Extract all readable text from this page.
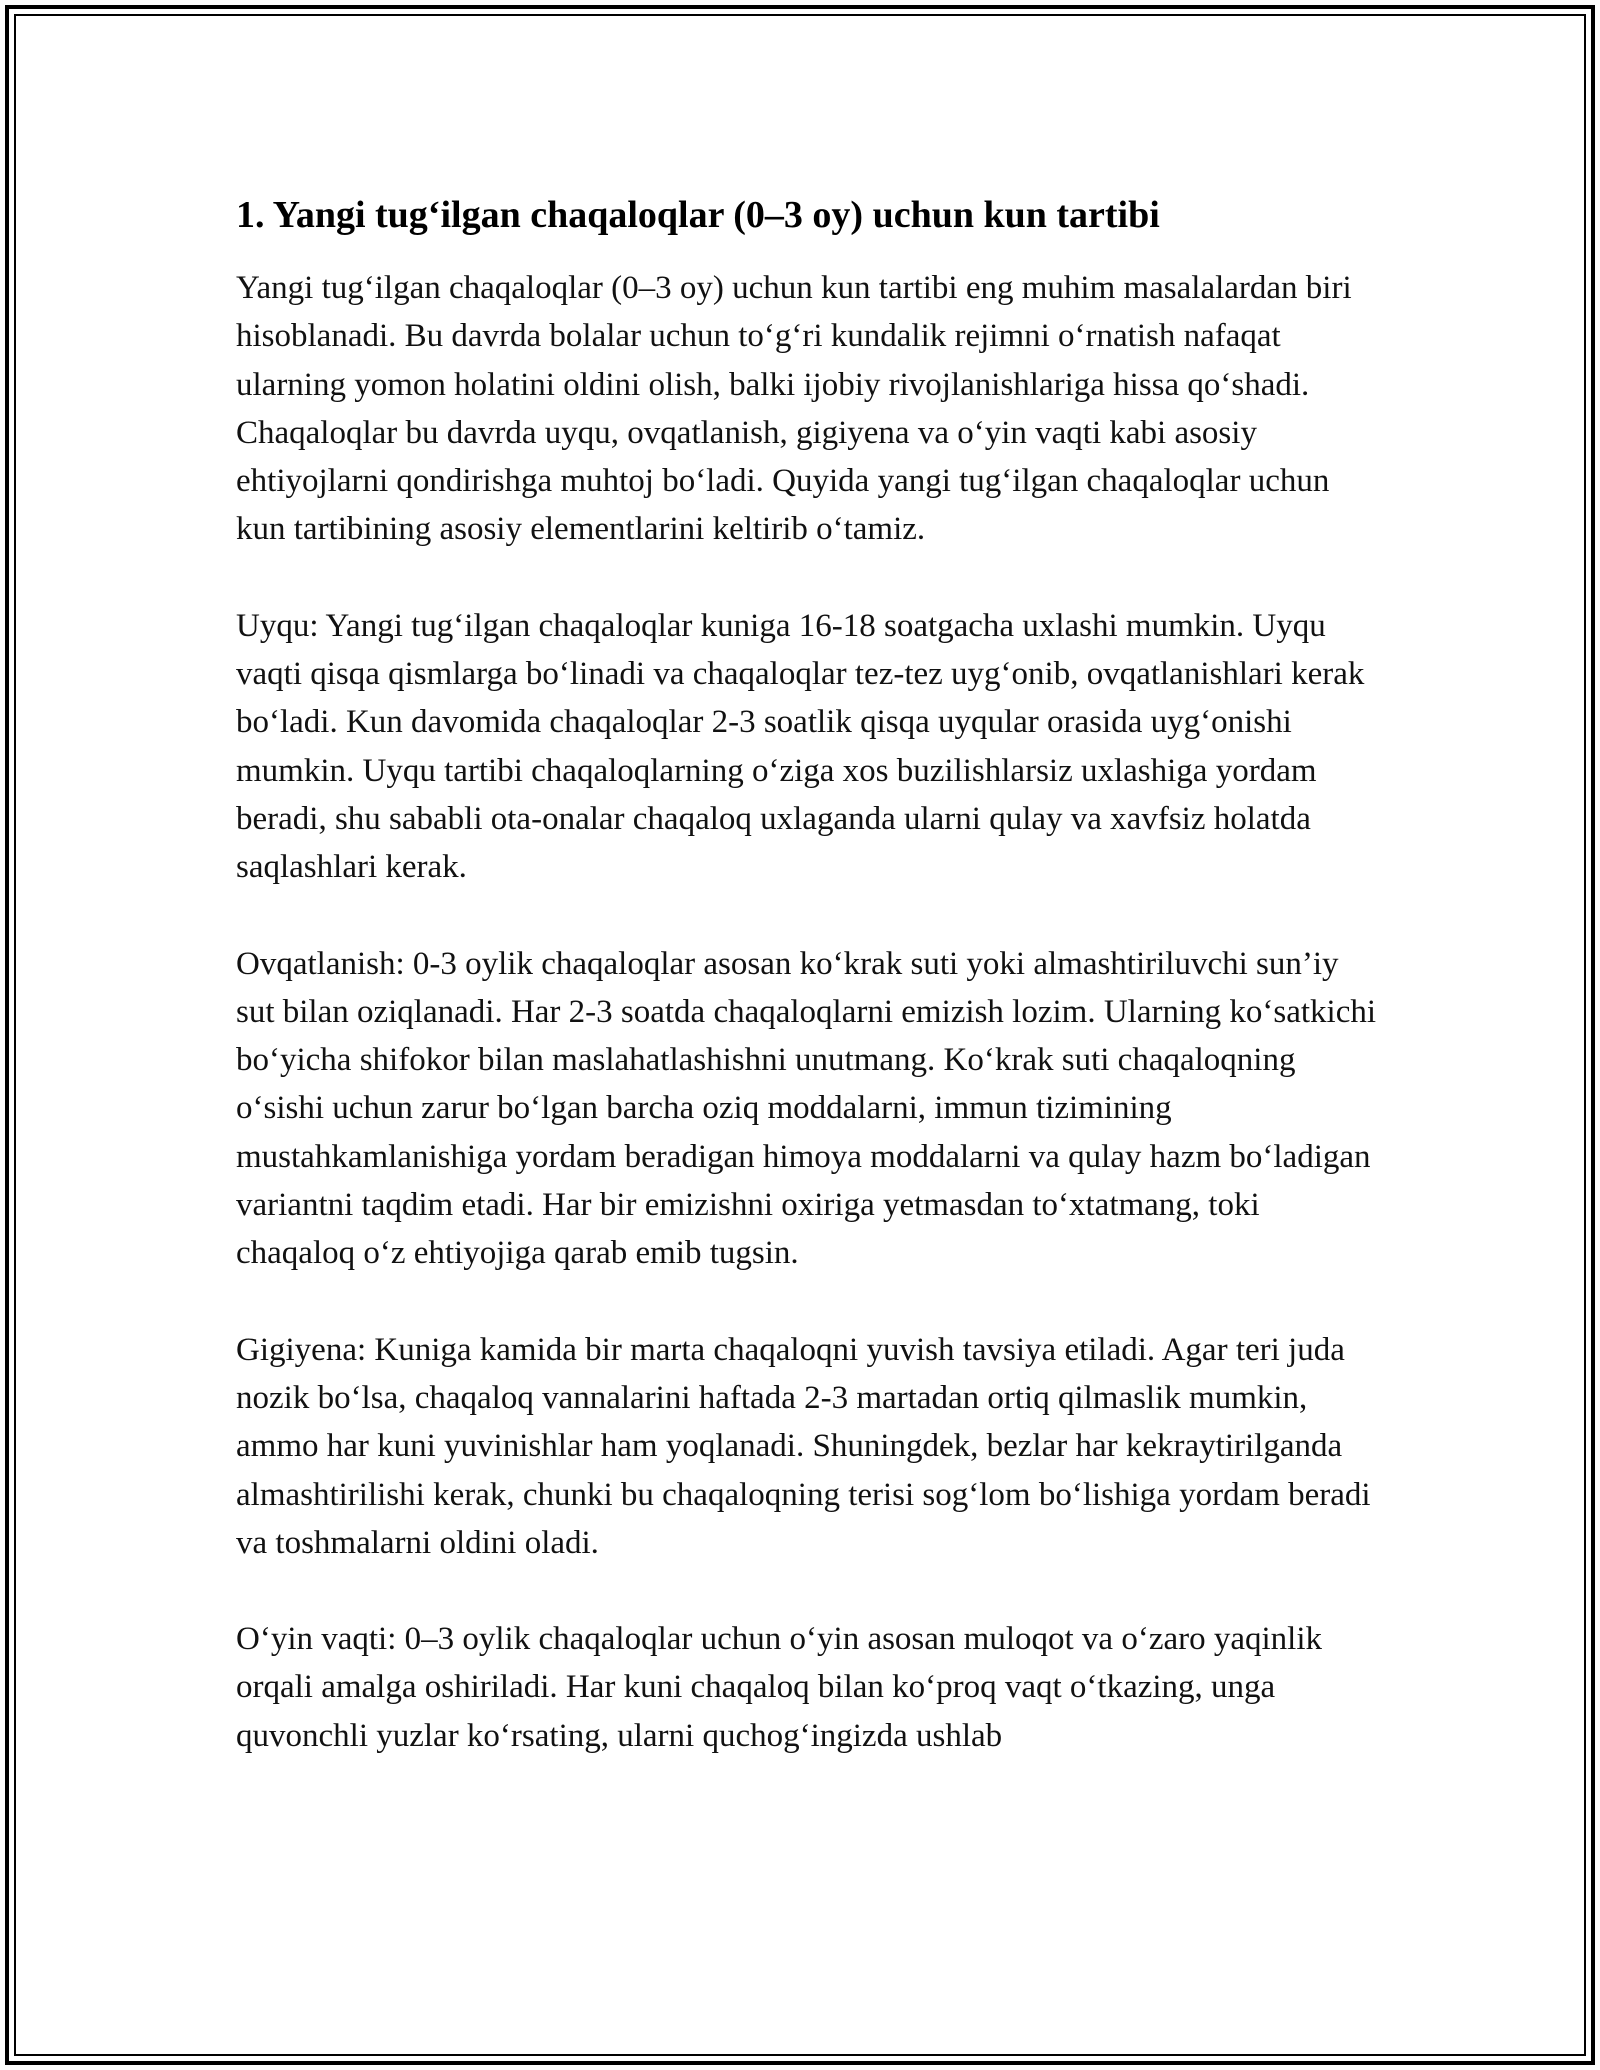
1. Yangi tug‘ilgan chaqaloqlar (0–3 oy) uchun kun tartibi

Yangi tug‘ilgan chaqaloqlar (0–3 oy) uchun kun tartibi eng muhim masalalardan biri hisoblanadi. Bu davrda bolalar uchun to‘g‘ri kundalik rejimni o‘rnatish nafaqat ularning yomon holatini oldini olish, balki ijobiy rivojlanishlariga hissa qo‘shadi. Chaqaloqlar bu davrda uyqu, ovqatlanish, gigiyena va o‘yin vaqti kabi asosiy ehtiyojlarni qondirishga muhtoj bo‘ladi. Quyida yangi tug‘ilgan chaqaloqlar uchun kun tartibining asosiy elementlarini keltirib o‘tamiz.

Uyqu: Yangi tug‘ilgan chaqaloqlar kuniga 16-18 soatgacha uxlashi mumkin. Uyqu vaqti qisqa qismlarga bo‘linadi va chaqaloqlar tez-tez uyg‘onib, ovqatlanishlari kerak bo‘ladi. Kun davomida chaqaloqlar 2-3 soatlik qisqa uyqular orasida uyg‘onishi mumkin. Uyqu tartibi chaqaloqlarning o‘ziga xos buzilishlarsiz uxlashiga yordam beradi, shu sababli ota-onalar chaqaloq uxlaganda ularni qulay va xavfsiz holatda saqlashlari kerak.

Ovqatlanish: 0-3 oylik chaqaloqlar asosan ko‘krak suti yoki almashtiriluvchi sun’iy sut bilan oziqlanadi. Har 2-3 soatda chaqaloqlarni emizish lozim. Ularning ko‘satkichi bo‘yicha shifokor bilan maslahatlashishni unutmang. Ko‘krak suti chaqaloqning o‘sishi uchun zarur bo‘lgan barcha oziq moddalarni, immun tizimining mustahkamlanishiga yordam beradigan himoya moddalarni va qulay hazm bo‘ladigan variantni taqdim etadi. Har bir emizishni oxiriga yetmasdan to‘xtatmang, toki chaqaloq o‘z ehtiyojiga qarab emib tugsin.

Gigiyena: Kuniga kamida bir marta chaqaloqni yuvish tavsiya etiladi. Agar teri juda nozik bo‘lsa, chaqaloq vannalarini haftada 2-3 martadan ortiq qilmaslik mumkin, ammo har kuni yuvinishlar ham yoqlanadi. Shuningdek, bezlar har kekraytirilganda almashtirilishi kerak, chunki bu chaqaloqning terisi sog‘lom bo‘lishiga yordam beradi va toshmalarni oldini oladi.

O‘yin vaqti: 0–3 oylik chaqaloqlar uchun o‘yin asosan muloqot va o‘zaro yaqinlik orqali amalga oshiriladi. Har kuni chaqaloq bilan ko‘proq vaqt o‘tkazing, unga quvonchli yuzlar ko‘rsating, ularni quchog‘ingizda ushlab
